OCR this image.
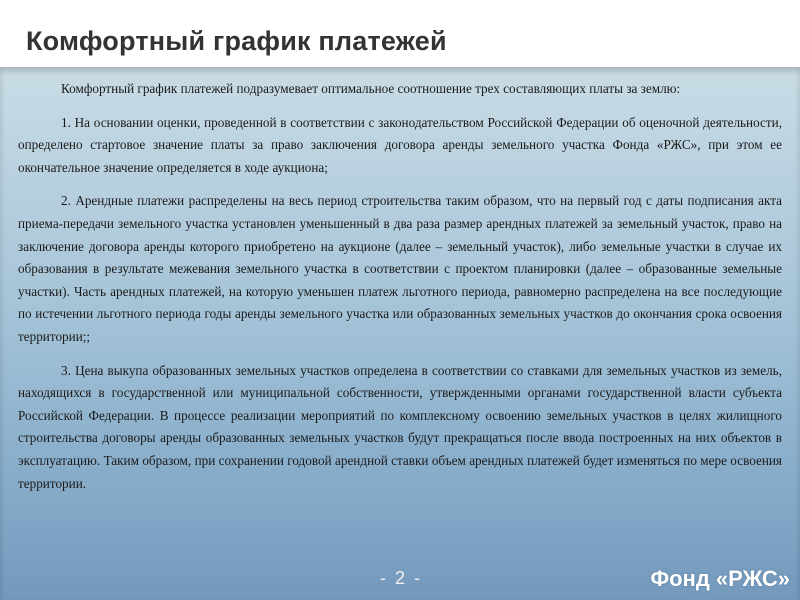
Комфортный график платежей

Комфортный график платежей подразумевает оптимальное соотношение трех составляющих платы за землю:

1. На основании оценки, проведенной в соответствии с законодательством Российской Федерации об оценочной деятельности, определено стартовое значение платы за право заключения договора аренды земельного участка Фонда «РЖС», при этом ее окончательное значение определяется в ходе аукциона;

2. Арендные платежи распределены на весь период строительства таким образом, что на первый год с даты подписания акта приема-передачи земельного участка установлен уменьшенный в два раза размер арендных платежей за земельный участок, право на заключение договора аренды которого приобретено на аукционе (далее – земельный участок), либо земельные участки в случае их образования в результате межевания земельного участка в соответствии с проектом планировки (далее – образованные земельные участки). Часть арендных платежей, на которую уменьшен платеж льготного периода, равномерно распределена на все последующие по истечении льготного периода годы аренды земельного участка или образованных земельных участков до окончания срока освоения территории;;

3. Цена выкупа образованных земельных участков определена в соответствии со ставками для земельных участков из земель, находящихся в государственной или муниципальной собственности, утвержденными органами государственной власти субъекта Российской Федерации. В процессе реализации мероприятий по комплексному освоению земельных участков в целях жилищного строительства договоры аренды образованных земельных участков будут прекращаться после ввода построенных на них объектов в эксплуатацию. Таким образом, при сохранении годовой арендной ставки объем арендных платежей будет изменяться по мере освоения территории.

- 2 -	Фонд «РЖС»
